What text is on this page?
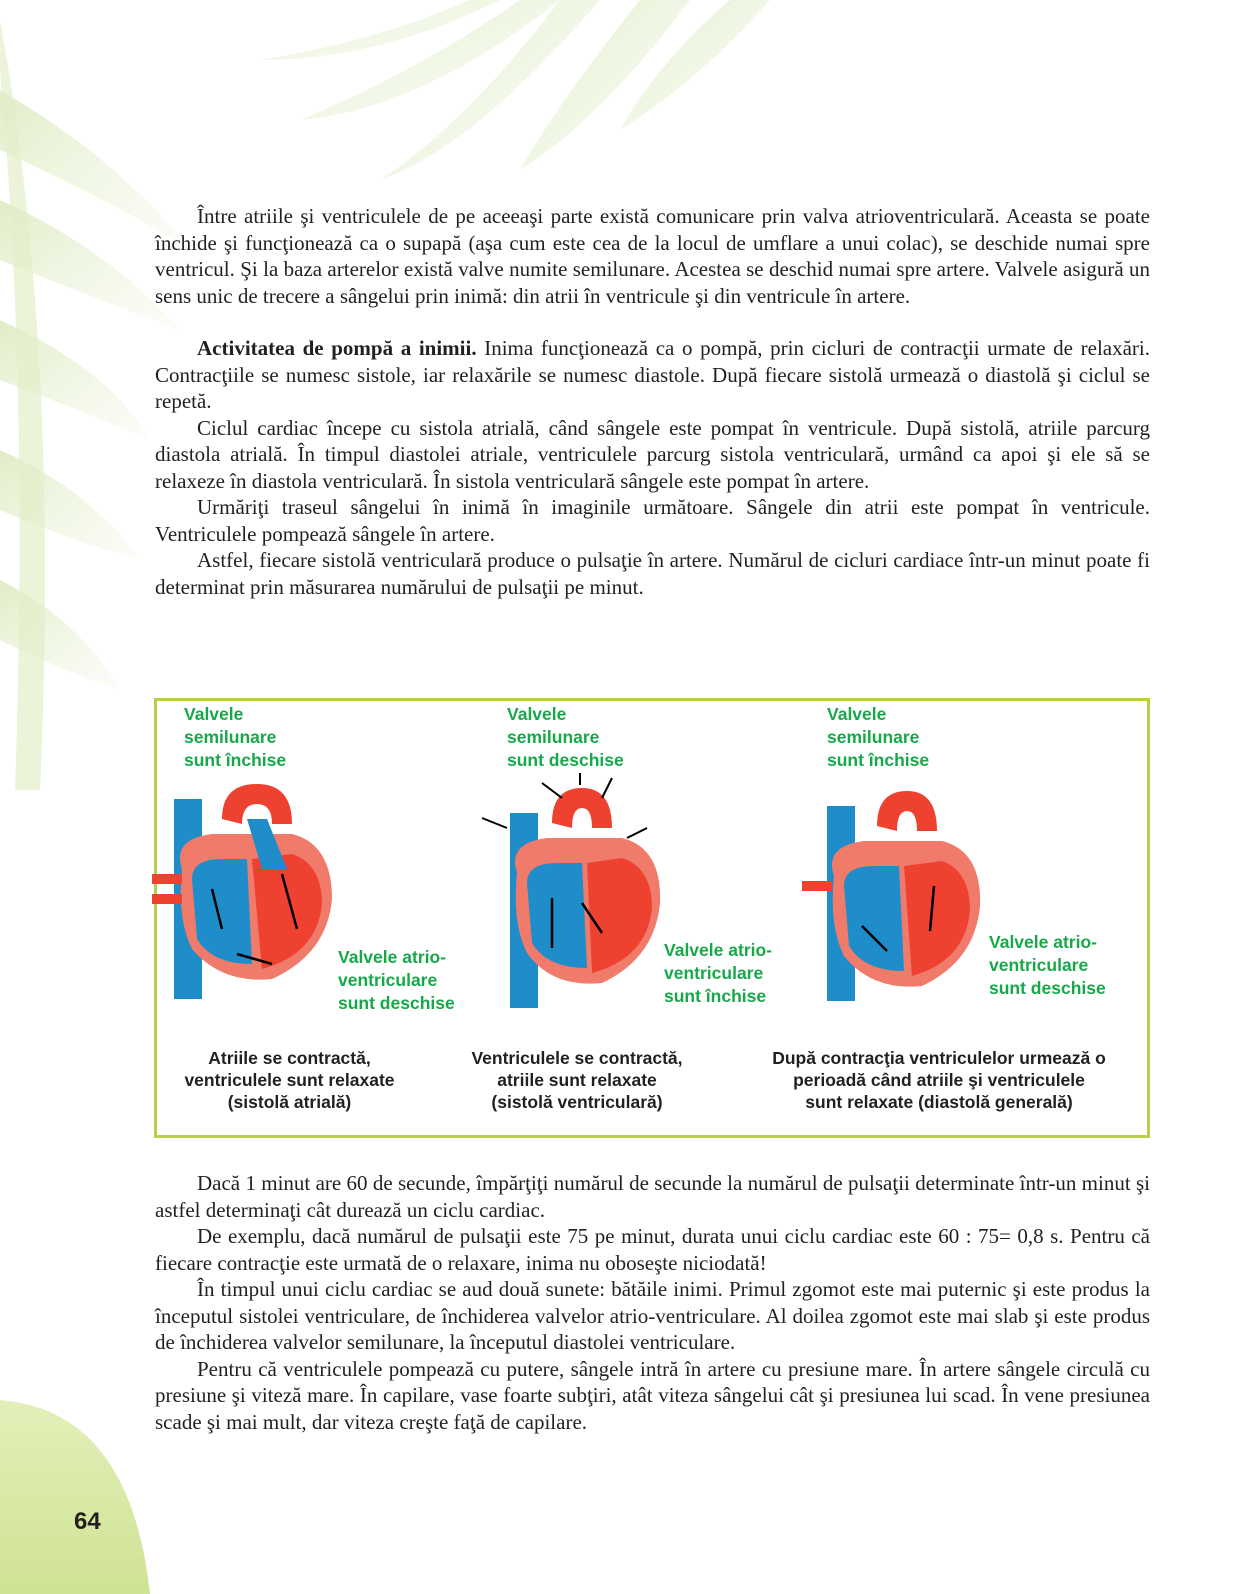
Între atriile şi ventriculele de pe aceeaşi parte există comunicare prin valva atrioventriculară. Aceasta se poate închide şi funcţionează ca o supapă (aşa cum este cea de la locul de umflare a unui colac), se deschide numai spre ventricul. Şi la baza arterelor există valve numite semilunare. Acestea se deschid numai spre artere. Valvele asigură un sens unic de trecere a sângelui prin inimă: din atrii în ventricule şi din ventricule în artere.

Activitatea de pompă a inimii. Inima funcţionează ca o pompă, prin cicluri de contracţii urmate de relaxări. Contracţiile se numesc sistole, iar relaxările se numesc diastole. După fiecare sistolă urmează o diastolă şi ciclul se repetă.

Ciclul cardiac începe cu sistola atrială, când sângele este pompat în ventricule. După sistolă, atriile parcurg diastola atrială. În timpul diastolei atriale, ventriculele parcurg sistola ventriculară, urmând ca apoi şi ele să se relaxeze în diastola ventriculară. În sistola ventriculară sângele este pompat în artere.

Urmăriţi traseul sângelui în inimă în imaginile următoare. Sângele din atrii este pompat în ventricule. Ventriculele pompează sângele în artere.

Astfel, fiecare sistolă ventriculară produce o pulsaţie în artere. Numărul de cicluri cardiace într-un minut poate fi determinat prin măsurarea numărului de pulsaţii pe minut.

Valvele
semilunare
sunt închise
Valvele atrio-
ventriculare
sunt deschise
Atriile se contractă,
ventriculele sunt relaxate
(sistolă atrială)
Valvele
semilunare
sunt deschise
Valvele atrio-
ventriculare
sunt închise
Ventriculele se contractă,
atriile sunt relaxate
(sistolă ventriculară)
Valvele
semilunare
sunt închise
Valvele atrio-
ventriculare
sunt deschise
După contracţia ventriculelor urmează o
perioadă când atriile şi ventriculele
sunt relaxate (diastolă generală)

Dacă 1 minut are 60 de secunde, împărţiţi numărul de secunde la numărul de pulsaţii determinate într-un minut şi astfel determinaţi cât durează un ciclu cardiac.

De exemplu, dacă numărul de pulsaţii este 75 pe minut, durata unui ciclu cardiac este 60 : 75= 0,8 s. Pentru că fiecare contracţie este urmată de o relaxare, inima nu oboseşte niciodată!

În timpul unui ciclu cardiac se aud două sunete: bătăile inimi. Primul zgomot este mai puternic şi este produs la începutul sistolei ventriculare, de închiderea valvelor atrio-ventriculare. Al doilea zgomot este mai slab şi este produs de închiderea valvelor semilunare, la începutul diastolei ventriculare.

Pentru că ventriculele pompează cu putere, sângele intră în artere cu presiune mare. În artere sângele circulă cu presiune şi viteză mare. În capilare, vase foarte subţiri, atât viteza sângelui cât şi presiunea lui scad. În vene presiunea scade şi mai mult, dar viteza creşte faţă de capilare.

64
